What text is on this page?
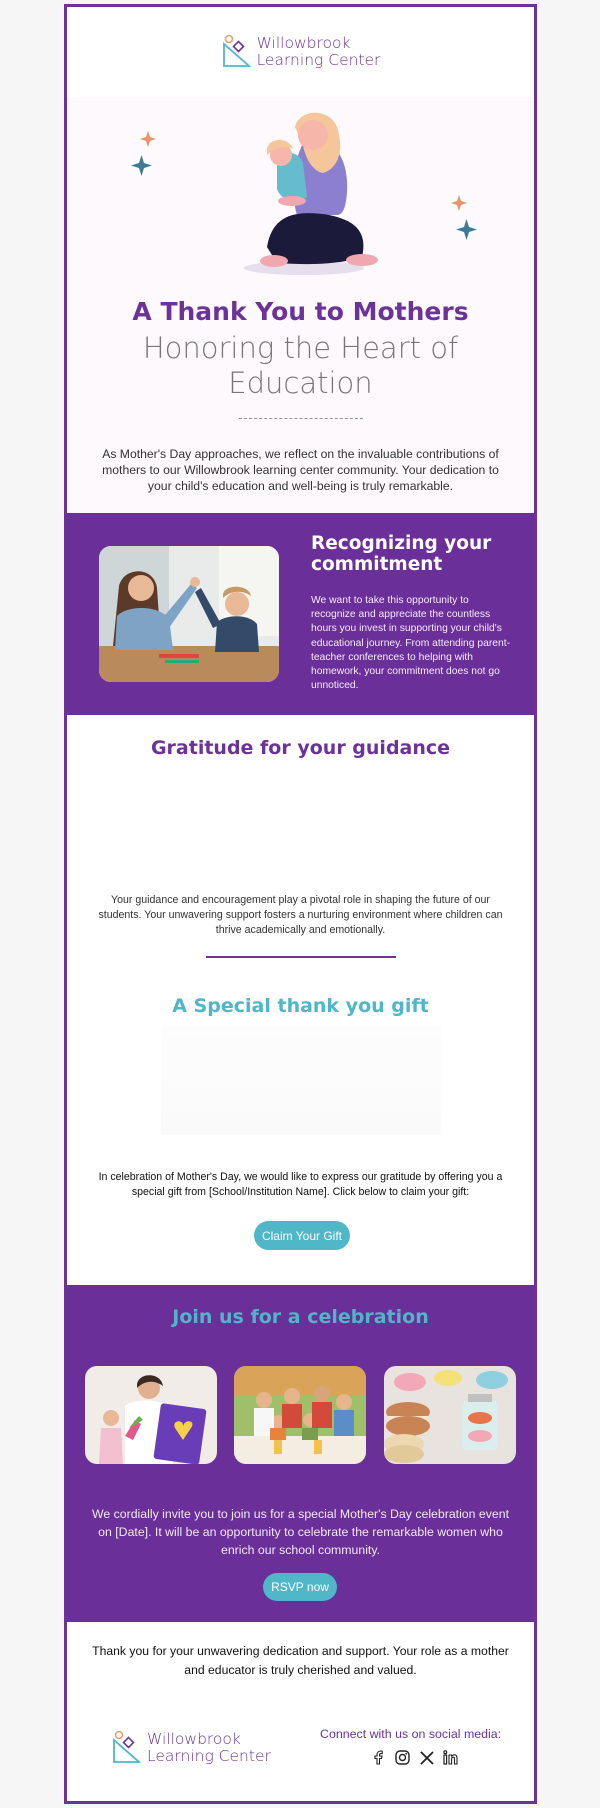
Willowbrook
Learning Center
A Thank You to Mothers
Honoring the Heart of
Education
As Mother's Day approaches, we reflect on the invaluable contributions of mothers to our Willowbrook learning center community. Your dedication to your child's education and well-being is truly remarkable.
Recognizing your commitment
We want to take this opportunity to recognize and appreciate the countless hours you invest in supporting your child's educational journey. From attending parent-teacher conferences to helping with homework, your commitment does not go unnoticed.
Gratitude for your guidance
Your guidance and encouragement play a pivotal role in shaping the future of our students. Your unwavering support fosters a nurturing environment where children can thrive academically and emotionally.
A Special thank you gift
In celebration of Mother's Day, we would like to express our gratitude by offering you a special gift from [School/Institution Name]. Click below to claim your gift:
Claim Your Gift
Join us for a celebration
We cordially invite you to join us for a special Mother's Day celebration event on [Date]. It will be an opportunity to celebrate the remarkable women who enrich our school community.
RSVP now
Thank you for your unwavering dedication and support. Your role as a mother and educator is truly cherished and valued.
Willowbrook
Learning Center
Connect with us on social media:
